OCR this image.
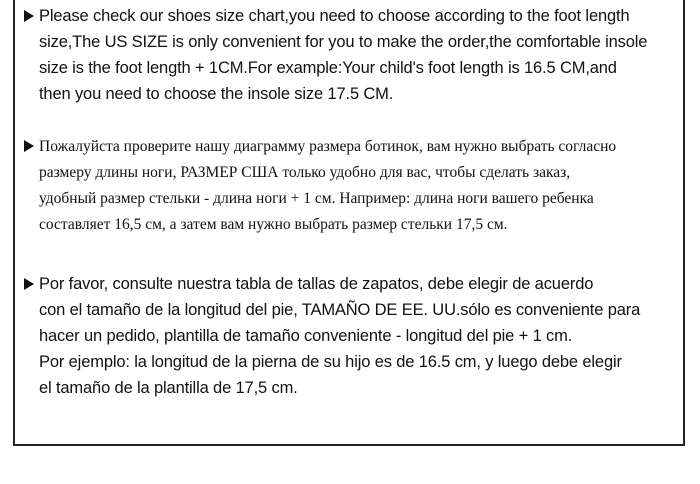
Please check our shoes size chart,you need to choose according to the foot length
size,The US SIZE is only convenient for you to make the order,the comfortable insole
size is the foot length + 1CM.For example:Your child's foot length is 16.5 CM,and
then you need to choose the insole size 17.5 CM.
Пожалуйста проверите нашу диаграмму размера ботинок, вам нужно выбрать согласно
размеру длины ноги, РАЗМЕР США только удобно для вас, чтобы сделать заказ,
удобный размер стельки - длина ноги + 1 см. Например: длина ноги вашего ребенка
составляет 16,5 см, а затем вам нужно выбрать размер стельки 17,5 см.
Por favor, consulte nuestra tabla de tallas de zapatos, debe elegir de acuerdo
con el tamaño de la longitud del pie, TAMAÑO DE EE. UU.sólo es conveniente para
hacer un pedido, plantilla de tamaño conveniente - longitud del pie + 1 cm.
Por ejemplo: la longitud de la pierna de su hijo es de 16.5 cm, y luego debe elegir
el tamaño de la plantilla de 17,5 cm.
